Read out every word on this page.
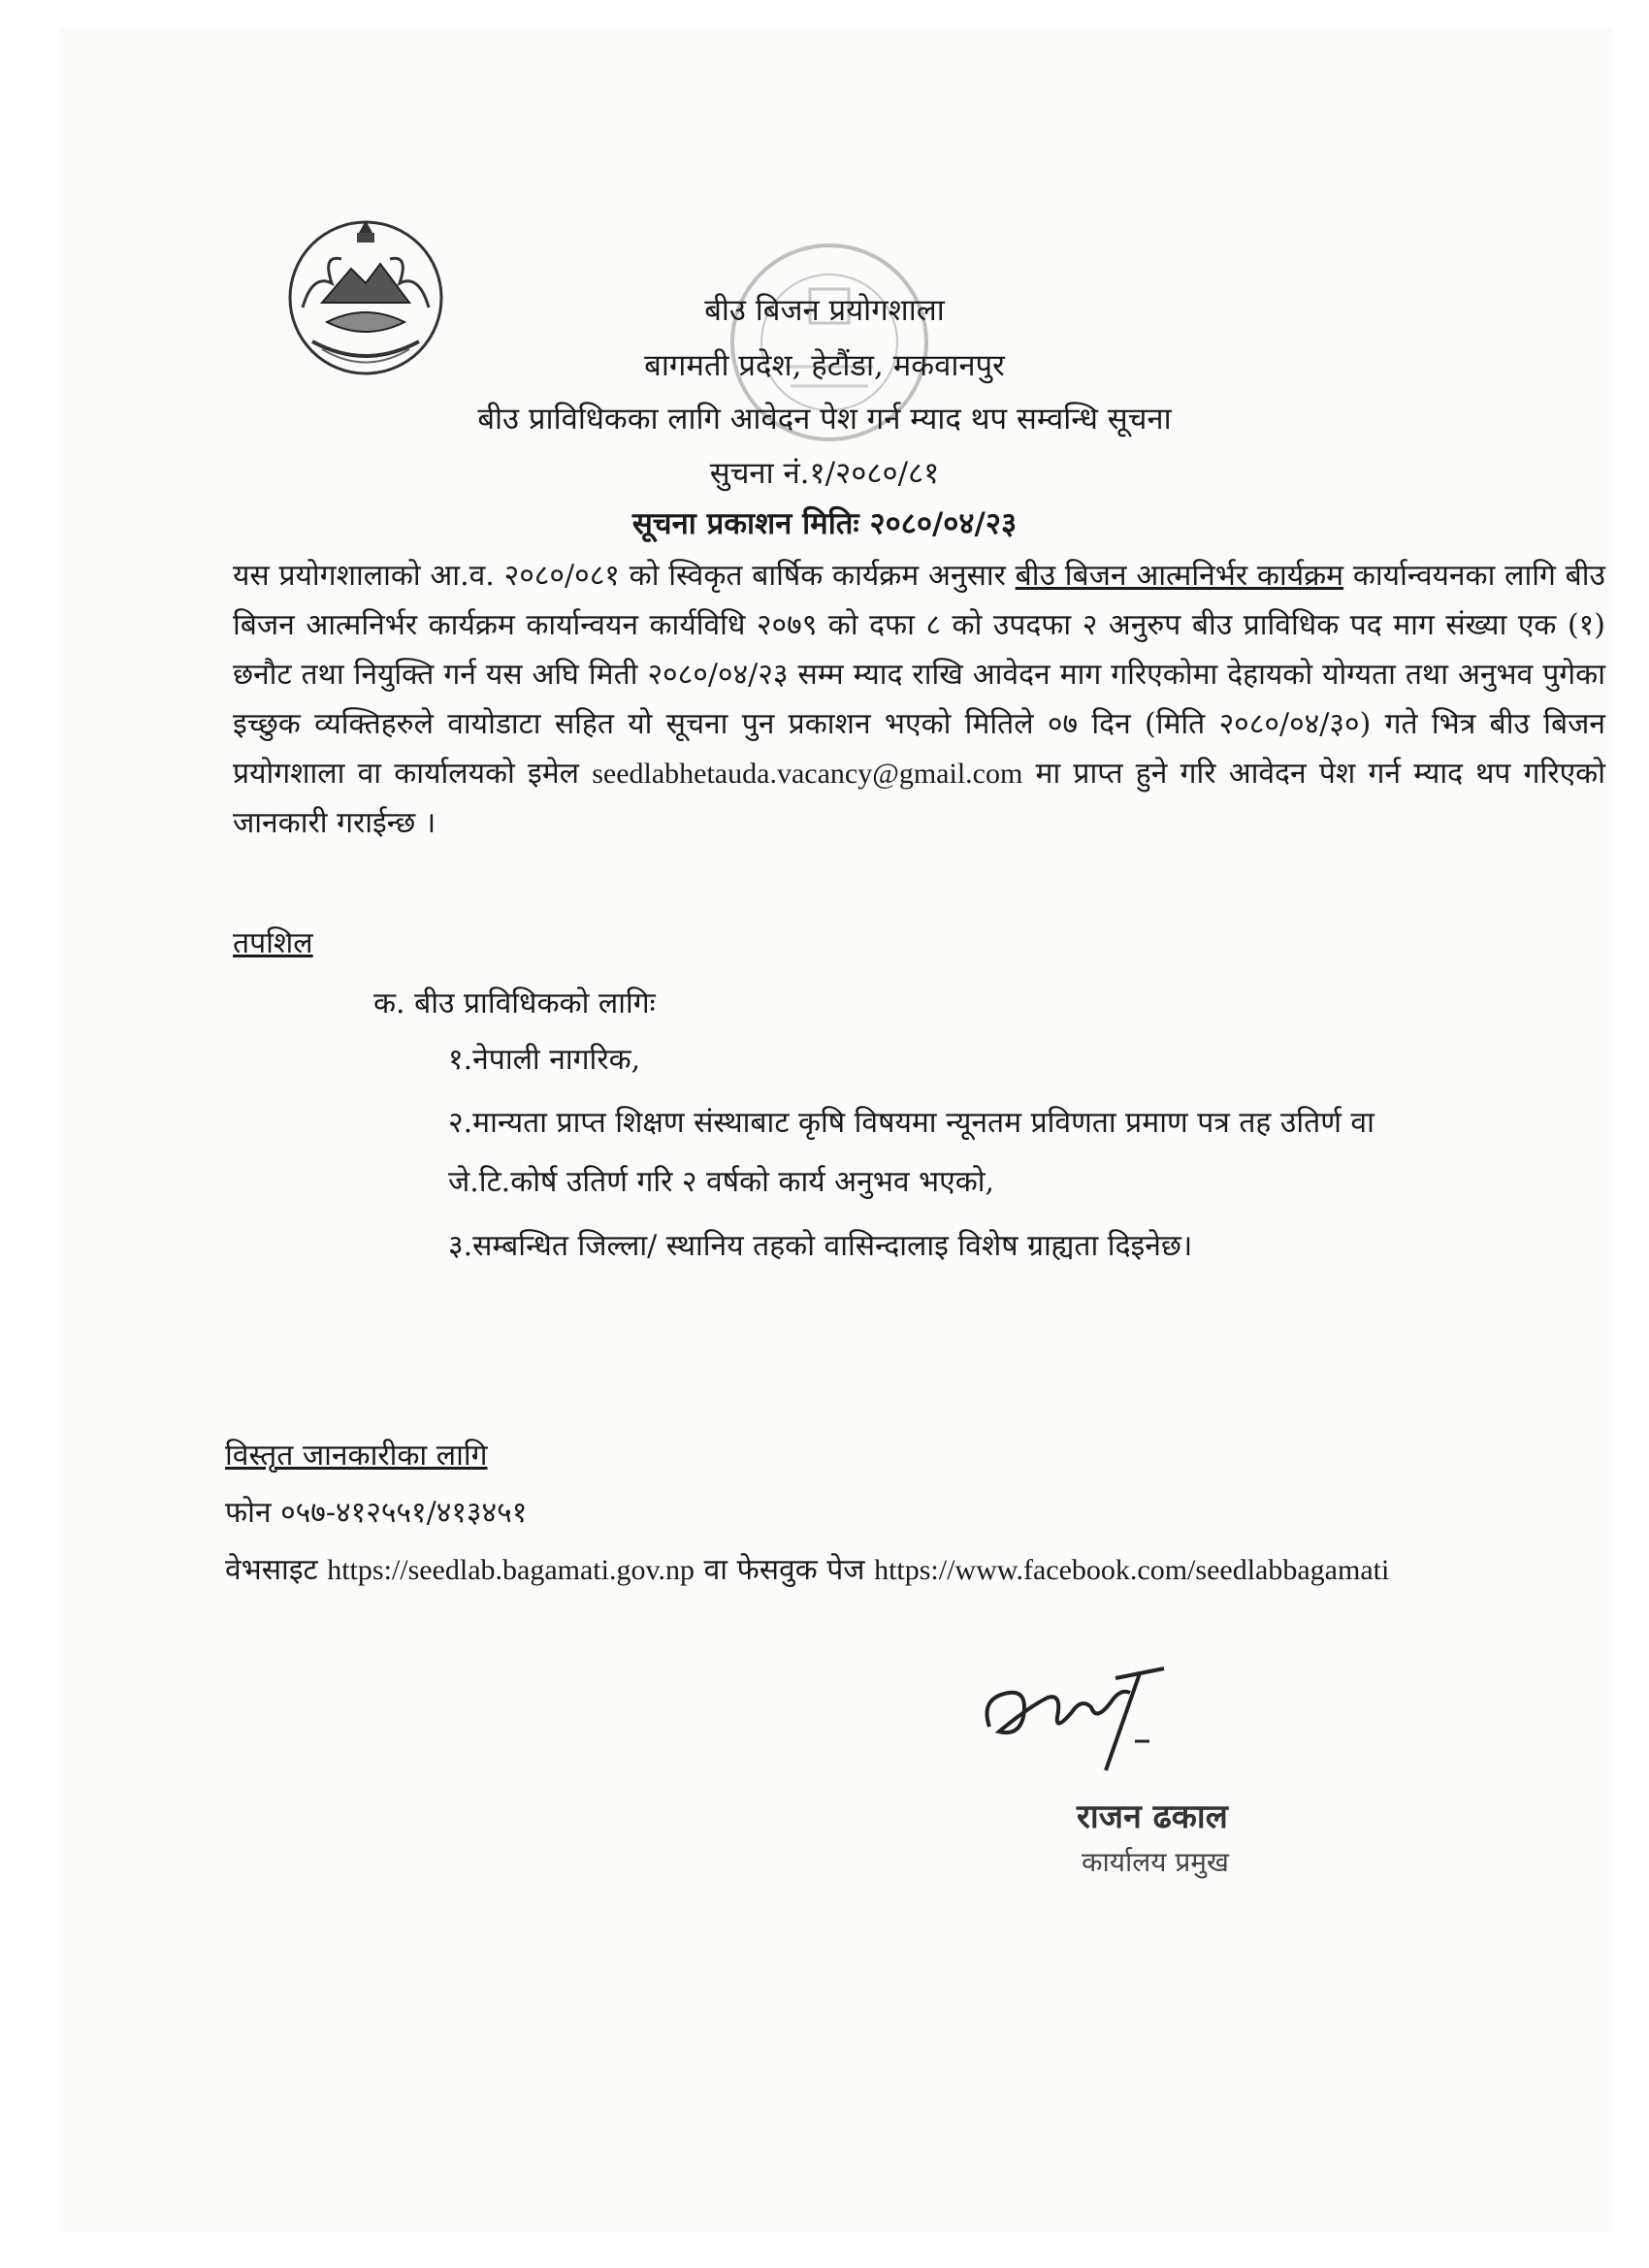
बीउ बिजन प्रयोगशाला
बागमती प्रदेश, हेटौंडा, मकवानपुर
बीउ प्राविधिकका लागि आवेदन पेश गर्न म्याद थप सम्वन्धि सूचना
सुचना नं.१/२०८०/८१
सूचना प्रकाशन मितिः २०८०/०४/२३
यस प्रयोगशालाको आ.व. २०८०/०८१ को स्विकृत बार्षिक कार्यक्रम अनुसार बीउ बिजन आत्मनिर्भर कार्यक्रम कार्यान्वयनका लागि बीउ बिजन आत्मनिर्भर कार्यक्रम कार्यान्वयन कार्यविधि २०७९ को दफा ८ को उपदफा २ अनुरुप बीउ प्राविधिक पद माग संख्या एक (१) छनौट तथा नियुक्ति गर्न यस अघि मिती २०८०/०४/२३ सम्म म्याद राखि आवेदन माग गरिएकोमा देहायको योग्यता तथा अनुभव पुगेका इच्छुक व्यक्तिहरुले वायोडाटा सहित यो सूचना पुन प्रकाशन भएको मितिले ०७ दिन (मिति २०८०/०४/३०) गते भित्र बीउ बिजन प्रयोगशाला वा कार्यालयको इमेल seedlabhetauda.vacancy@gmail.com मा प्राप्त हुने गरि आवेदन पेश गर्न म्याद थप गरिएको जानकारी गराईन्छ ।
तपशिल
क. बीउ प्राविधिकको लागिः
१.नेपाली नागरिक,
२.मान्यता प्राप्त शिक्षण संस्थाबाट कृषि विषयमा न्यूनतम प्रविणता प्रमाण पत्र तह उतिर्ण वा
जे.टि.कोर्ष उतिर्ण गरि २ वर्षको कार्य अनुभव भएको,
३.सम्बन्धित जिल्ला/ स्थानिय तहको वासिन्दालाइ विशेष ग्राह्यता दिइनेछ।
विस्तृत जानकारीका लागि
फोन ०५७-४१२५५१/४१३४५१
वेभसाइट https://seedlab.bagamati.gov.np वा फेसवुक पेज https://www.facebook.com/seedlabbagamati
राजन ढकाल
कार्यालय प्रमुख
